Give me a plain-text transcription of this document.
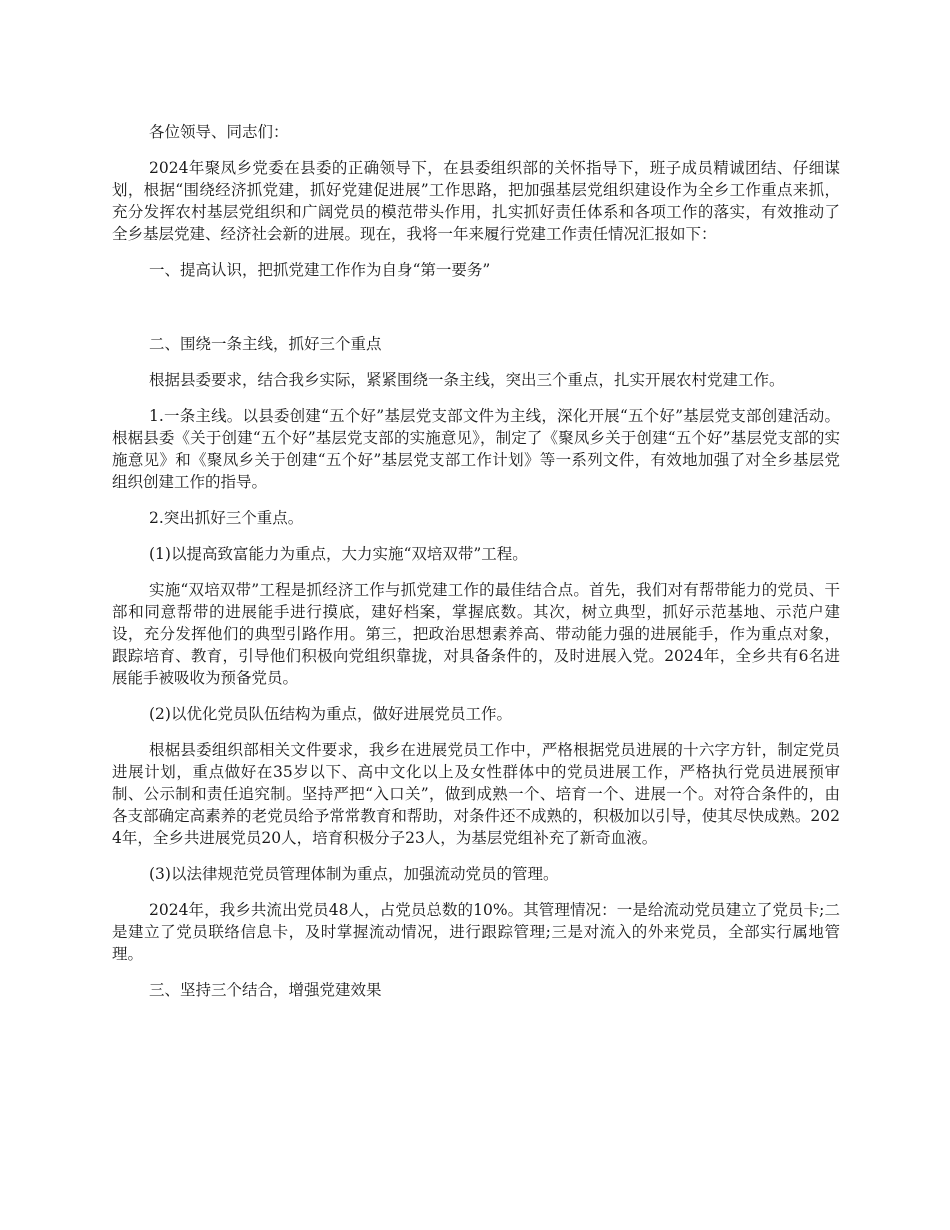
各位领导、同志们：

2024年聚凤乡党委在县委的正确领导下，在县委组织部的关怀指导下，班子成员精诚团结、仔细谋划，根据“围绕经济抓党建，抓好党建促进展”工作思路，把加强基层党组织建设作为全乡工作重点来抓，充分发挥农村基层党组织和广阔党员的模范带头作用，扎实抓好责任体系和各项工作的落实，有效推动了全乡基层党建、经济社会新的进展。现在，我将一年来履行党建工作责任情况汇报如下：

一、提高认识，把抓党建工作作为自身“第一要务”

二、围绕一条主线，抓好三个重点

根据县委要求，结合我乡实际，紧紧围绕一条主线，突出三个重点，扎实开展农村党建工作。

1.一条主线。以县委创建“五个好”基层党支部文件为主线，深化开展“五个好”基层党支部创建活动。根椐县委《关于创建“五个好”基层党支部的实施意见》，制定了《聚凤乡关于创建“五个好”基层党支部的实施意见》和《聚凤乡关于创建“五个好”基层党支部工作计划》等一系列文件，有效地加强了对全乡基层党组织创建工作的指导。

2.突出抓好三个重点。

(1)以提高致富能力为重点，大力实施“双培双带”工程。

实施“双培双带”工程是抓经济工作与抓党建工作的最佳结合点。首先，我们对有帮带能力的党员、干部和同意帮带的进展能手进行摸底，建好档案，掌握底数。其次，树立典型，抓好示范基地、示范户建设，充分发挥他们的典型引路作用。第三，把政治思想素养高、带动能力强的进展能手，作为重点对象，跟踪培育、教育，引导他们积极向党组织靠拢，对具备条件的，及时进展入党。2024年，全乡共有6名进展能手被吸收为预备党员。

(2)以优化党员队伍结构为重点，做好进展党员工作。

根椐县委组织部相关文件要求，我乡在进展党员工作中，严格根据党员进展的十六字方针，制定党员进展计划，重点做好在35岁以下、高中文化以上及女性群体中的党员进展工作，严格执行党员进展预审制、公示制和责任追究制。坚持严把“入口关”，做到成熟一个、培育一个、进展一个。对符合条件的，由各支部确定高素养的老党员给予常常教育和帮助，对条件还不成熟的，积极加以引导，使其尽快成熟。2024年，全乡共进展党员20人，培育积极分子23人，为基层党组补充了新奇血液。

(3)以法律规范党员管理体制为重点，加强流动党员的管理。

2024年，我乡共流出党员48人，占党员总数的10%。其管理情况：一是给流动党员建立了党员卡;二是建立了党员联络信息卡，及时掌握流动情况，进行跟踪管理;三是对流入的外来党员，全部实行属地管理。

三、坚持三个结合，增强党建效果
